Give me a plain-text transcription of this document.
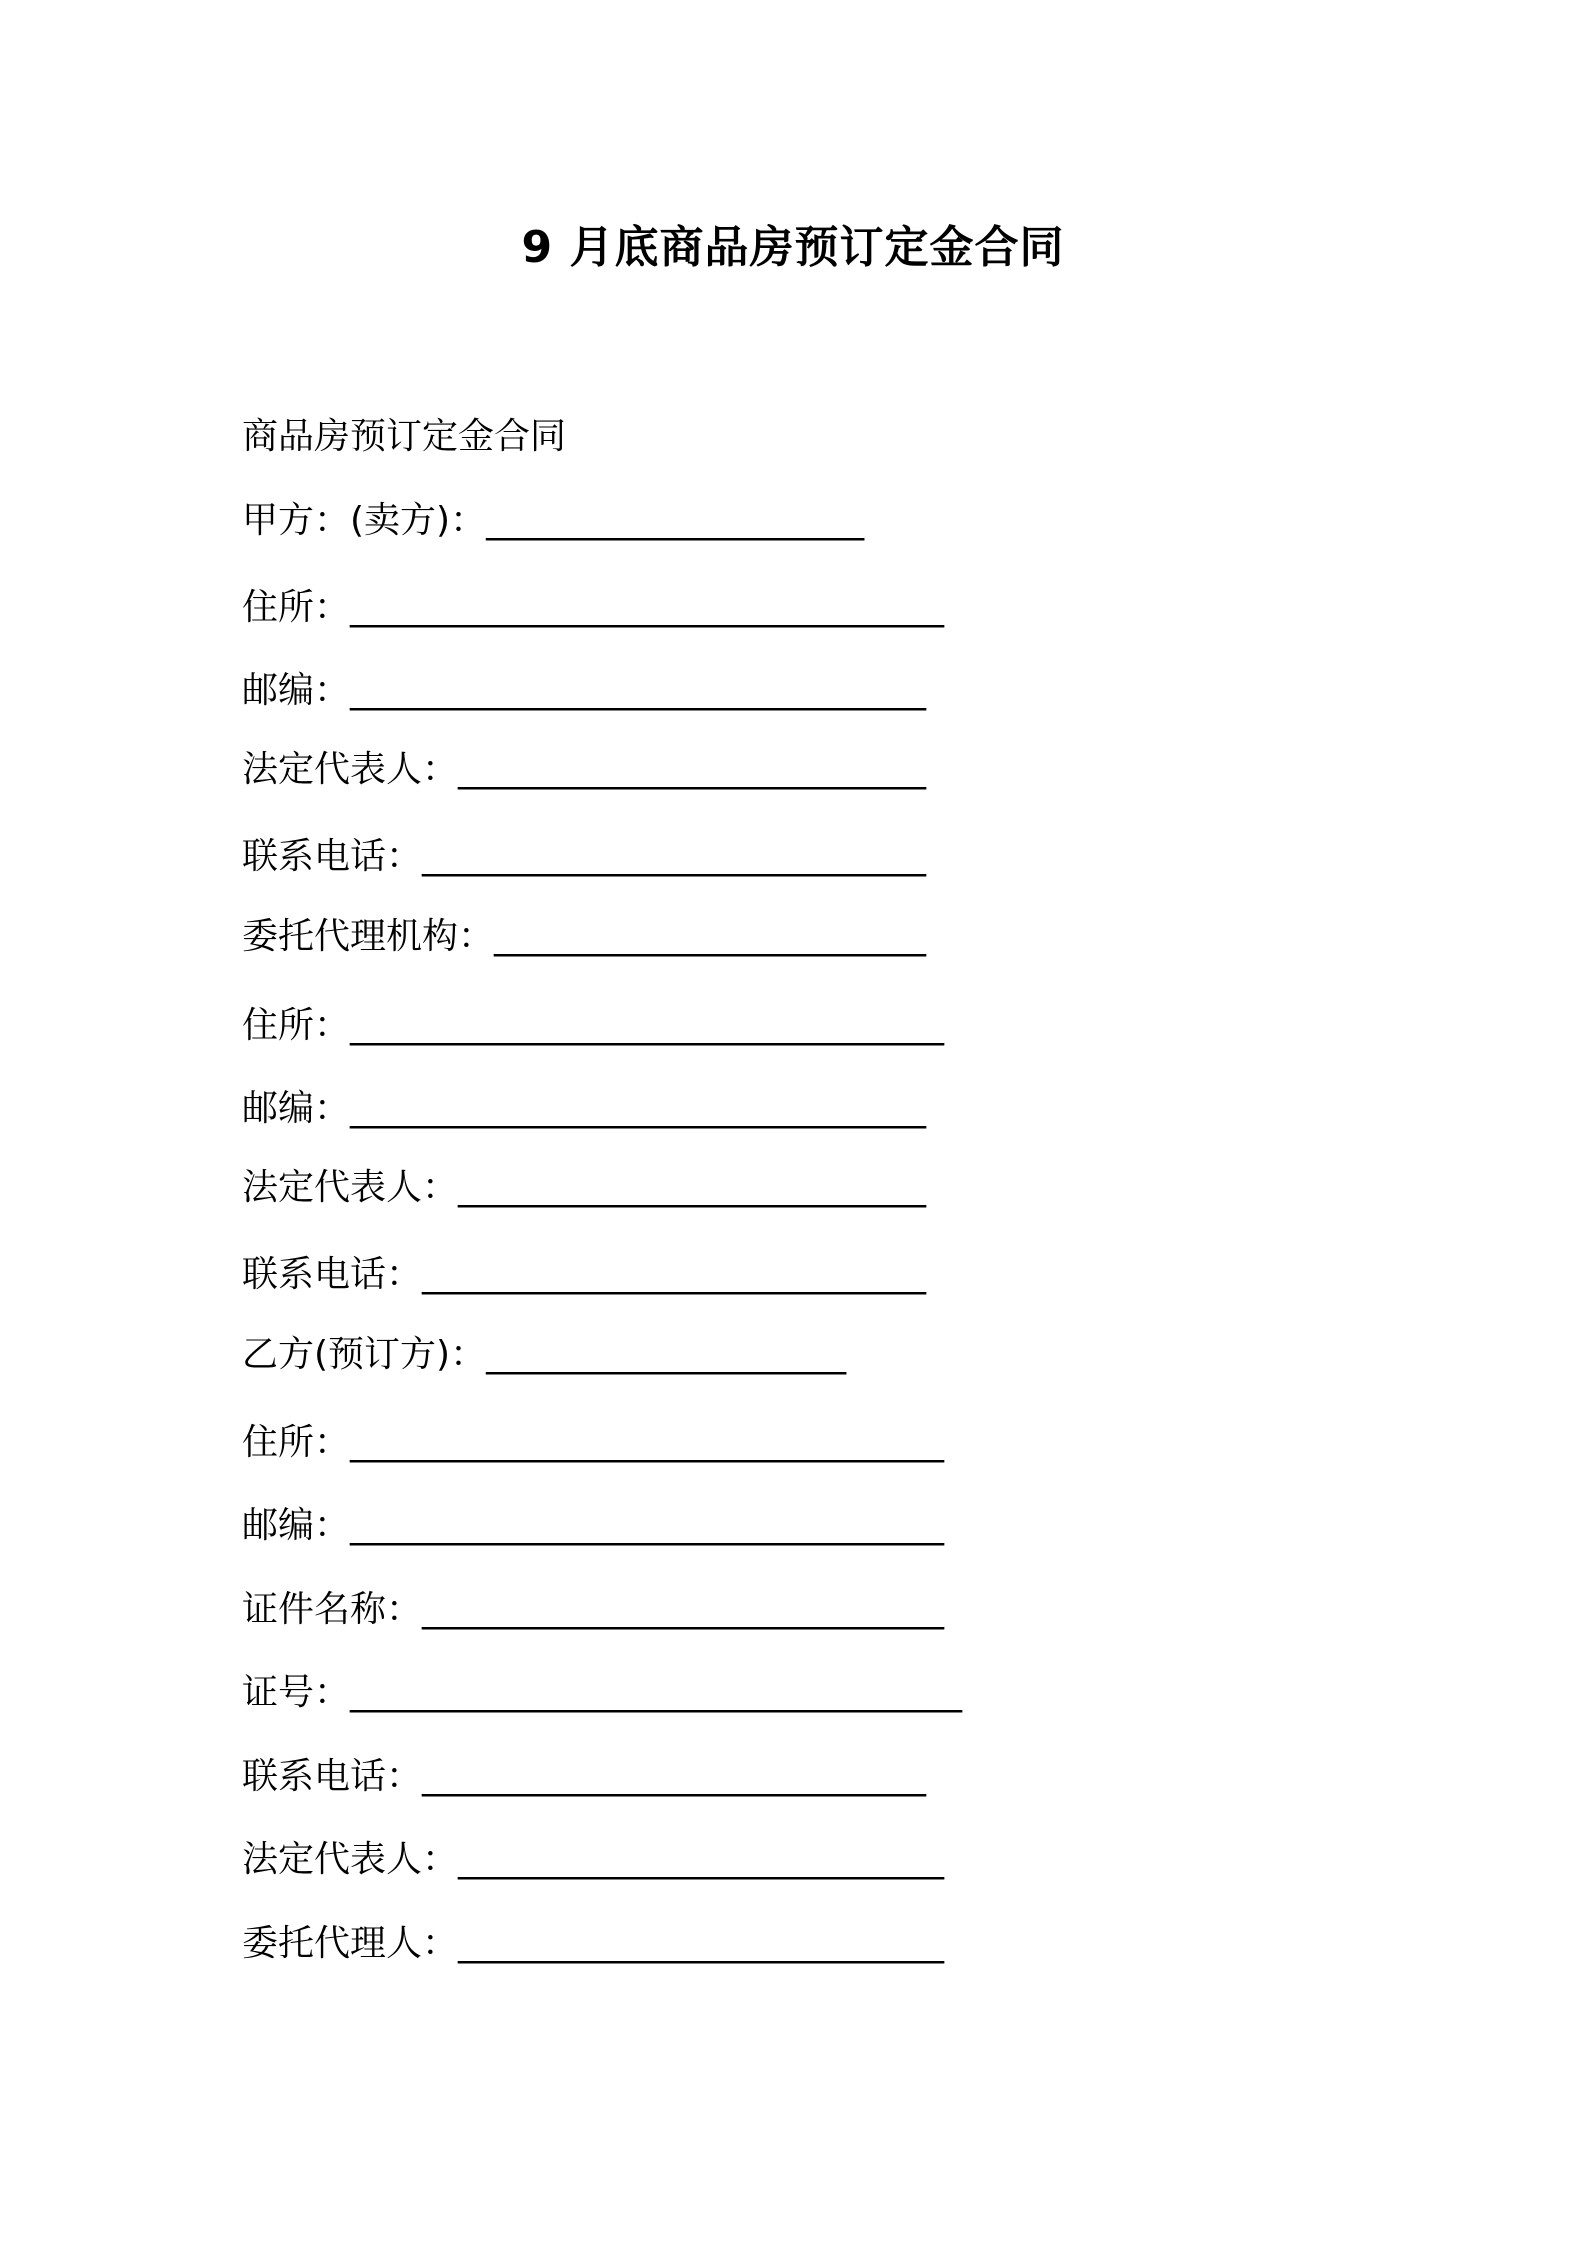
9 月底商品房预订定金合同
商品房预订定金合同
甲方：(卖方)：_____________________
住所：_________________________________
邮编：________________________________
法定代表人：__________________________
联系电话：____________________________
委托代理机构：________________________
住所：_________________________________
邮编：________________________________
法定代表人：__________________________
联系电话：____________________________
乙方(预订方)：____________________
住所：_________________________________
邮编：_________________________________
证件名称：_____________________________
证号：__________________________________
联系电话：____________________________
法定代表人：___________________________
委托代理人：___________________________
